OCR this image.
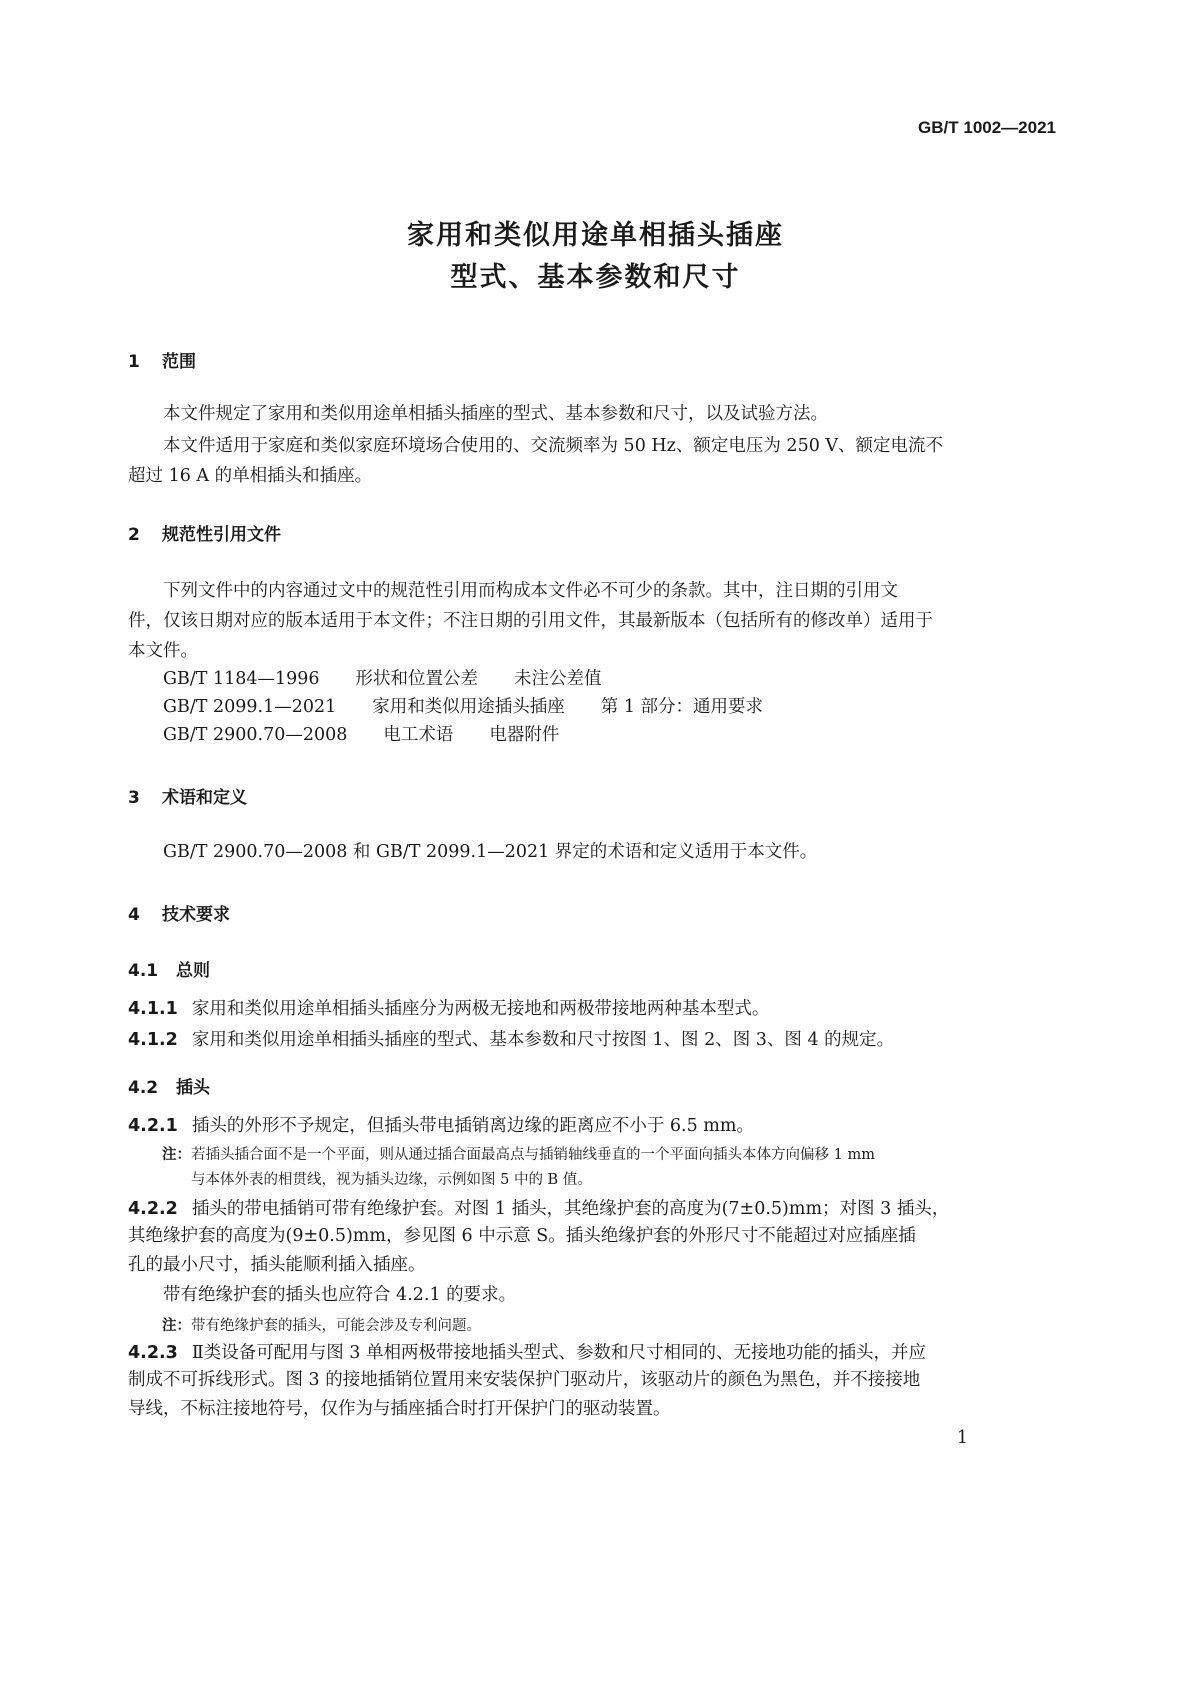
GB/T 1002—2021
家用和类似用途单相插头插座
型式、基本参数和尺寸
1 范围
本文件规定了家用和类似用途单相插头插座的型式、基本参数和尺寸，以及试验方法。
本文件适用于家庭和类似家庭环境场合使用的、交流频率为 50 Hz、额定电压为 250 V、额定电流不
超过 16 A 的单相插头和插座。
2 规范性引用文件
下列文件中的内容通过文中的规范性引用而构成本文件必不可少的条款。其中，注日期的引用文
件，仅该日期对应的版本适用于本文件；不注日期的引用文件，其最新版本（包括所有的修改单）适用于
本文件。
GB/T 1184—1996 形状和位置公差 未注公差值
GB/T 2099.1—2021 家用和类似用途插头插座 第 1 部分：通用要求
GB/T 2900.70—2008 电工术语 电器附件
3 术语和定义
GB/T 2900.70—2008 和 GB/T 2099.1—2021 界定的术语和定义适用于本文件。
4 技术要求
4.1 总则
4.1.1 家用和类似用途单相插头插座分为两极无接地和两极带接地两种基本型式。
4.1.2 家用和类似用途单相插头插座的型式、基本参数和尺寸按图 1、图 2、图 3、图 4 的规定。
4.2 插头
4.2.1 插头的外形不予规定，但插头带电插销离边缘的距离应不小于 6.5 mm。
注：若插头插合面不是一个平面，则从通过插合面最高点与插销轴线垂直的一个平面向插头本体方向偏移 1 mm
与本体外表的相贯线，视为插头边缘，示例如图 5 中的 B 值。
4.2.2 插头的带电插销可带有绝缘护套。对图 1 插头，其绝缘护套的高度为(7±0.5)mm；对图 3 插头，
其绝缘护套的高度为(9±0.5)mm，参见图 6 中示意 S。插头绝缘护套的外形尺寸不能超过对应插座插
孔的最小尺寸，插头能顺利插入插座。
带有绝缘护套的插头也应符合 4.2.1 的要求。
注：带有绝缘护套的插头，可能会涉及专利问题。
4.2.3 Ⅱ类设备可配用与图 3 单相两极带接地插头型式、参数和尺寸相同的、无接地功能的插头，并应
制成不可拆线形式。图 3 的接地插销位置用来安装保护门驱动片，该驱动片的颜色为黑色，并不接接地
导线，不标注接地符号，仅作为与插座插合时打开保护门的驱动装置。
1
